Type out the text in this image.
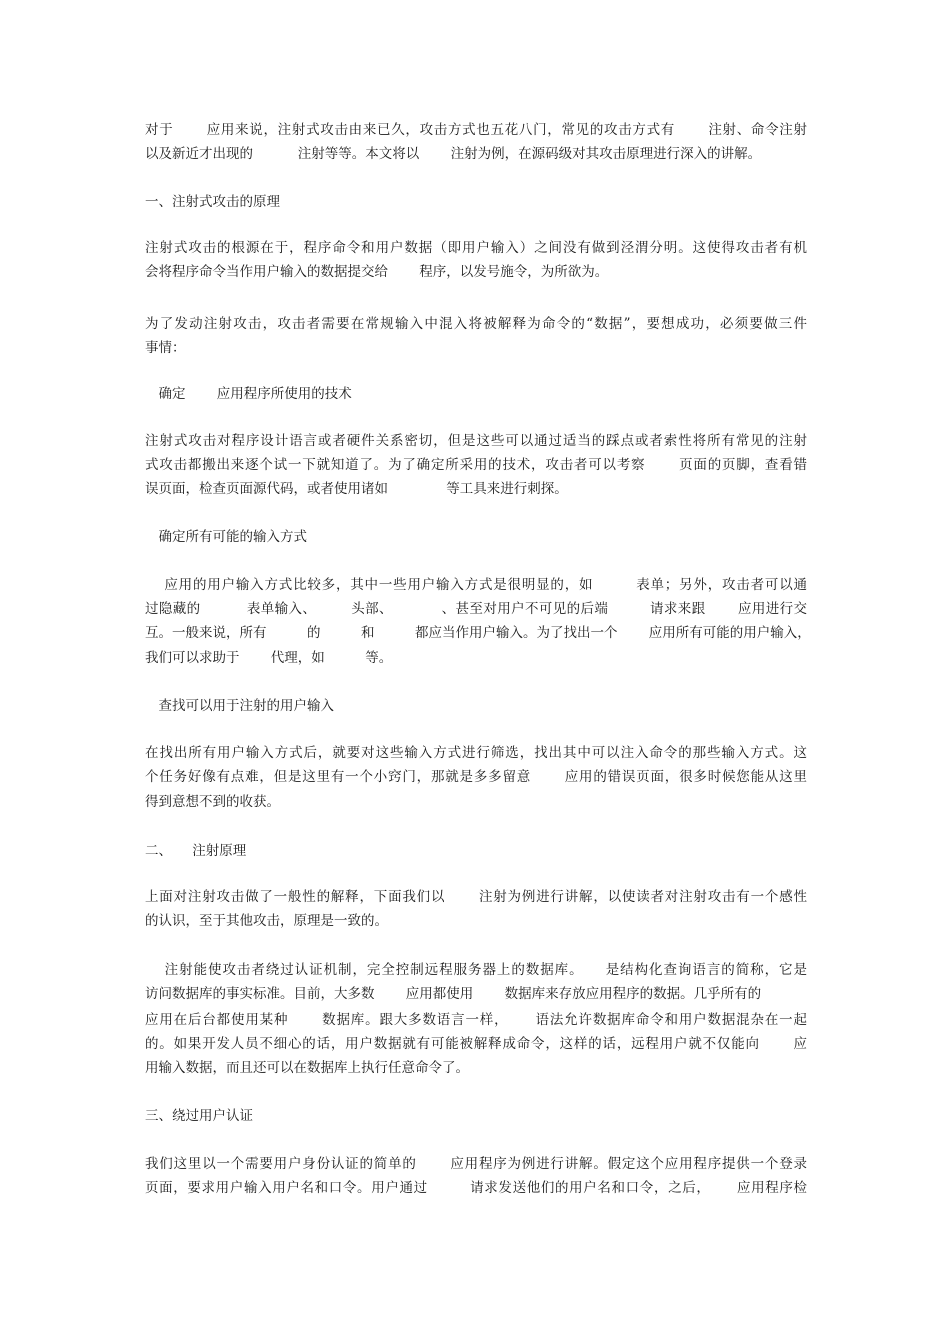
对于　　 应用来说，注射式攻击由来已久，攻击方式也五花八门，常见的攻击方式有　　 注射、命令注射

以及新近才出现的　　　 注射等等。本文将以　　 注射为例，在源码级对其攻击原理进行深入的讲解。

一、注射式攻击的原理

注射式攻击的根源在于，程序命令和用户数据（即用户输入）之间没有做到泾渭分明。这使得攻击者有机

会将程序命令当作用户输入的数据提交给　　 程序，以发号施令，为所欲为。

为了发动注射攻击，攻击者需要在常规输入中混入将被解释为命令的“数据”，要想成功，必须要做三件

事情：

　确定　　 应用程序所使用的技术

注射式攻击对程序设计语言或者硬件关系密切，但是这些可以通过适当的踩点或者索性将所有常见的注射

式攻击都搬出来逐个试一下就知道了。为了确定所采用的技术，攻击者可以考察　　 页面的页脚，查看错

误页面，检查页面源代码，或者使用诸如　　　　 等工具来进行刺探。

　确定所有可能的输入方式

　 应用的用户输入方式比较多，其中一些用户输入方式是很明显的，如　　　表单；另外，攻击者可以通

过隐藏的　　　 表单输入、　　　头部、　　　　、甚至对用户不可见的后端　　　请求来跟　　 应用进行交

互。一般来说，所有　　　的　　　和　　　都应当作用户输入。为了找出一个　　 应用所有可能的用户输入，

我们可以求助于　　 代理，如　　　等。

　查找可以用于注射的用户输入

在找出所有用户输入方式后，就要对这些输入方式进行筛选，找出其中可以注入命令的那些输入方式。这

个任务好像有点难，但是这里有一个小窍门，那就是多多留意　　 应用的错误页面，很多时候您能从这里

得到意想不到的收获。

二、　　注射原理

上面对注射攻击做了一般性的解释，下面我们以　　 注射为例进行讲解，以使读者对注射攻击有一个感性

的认识，至于其他攻击，原理是一致的。

　 注射能使攻击者绕过认证机制，完全控制远程服务器上的数据库。　　是结构化查询语言的简称，它是

访问数据库的事实标准。目前，大多数　　 应用都使用　　 数据库来存放应用程序的数据。几乎所有的

应用在后台都使用某种　　 数据库。跟大多数语言一样，　　 语法允许数据库命令和用户数据混杂在一起

的。如果开发人员不细心的话，用户数据就有可能被解释成命令，这样的话，远程用户就不仅能向　　 应

用输入数据，而且还可以在数据库上执行任意命令了。

三、绕过用户认证

我们这里以一个需要用户身份认证的简单的　　 应用程序为例进行讲解。假定这个应用程序提供一个登录

页面，要求用户输入用户名和口令。用户通过　　　请求发送他们的用户名和口令，之后，　　 应用程序检
